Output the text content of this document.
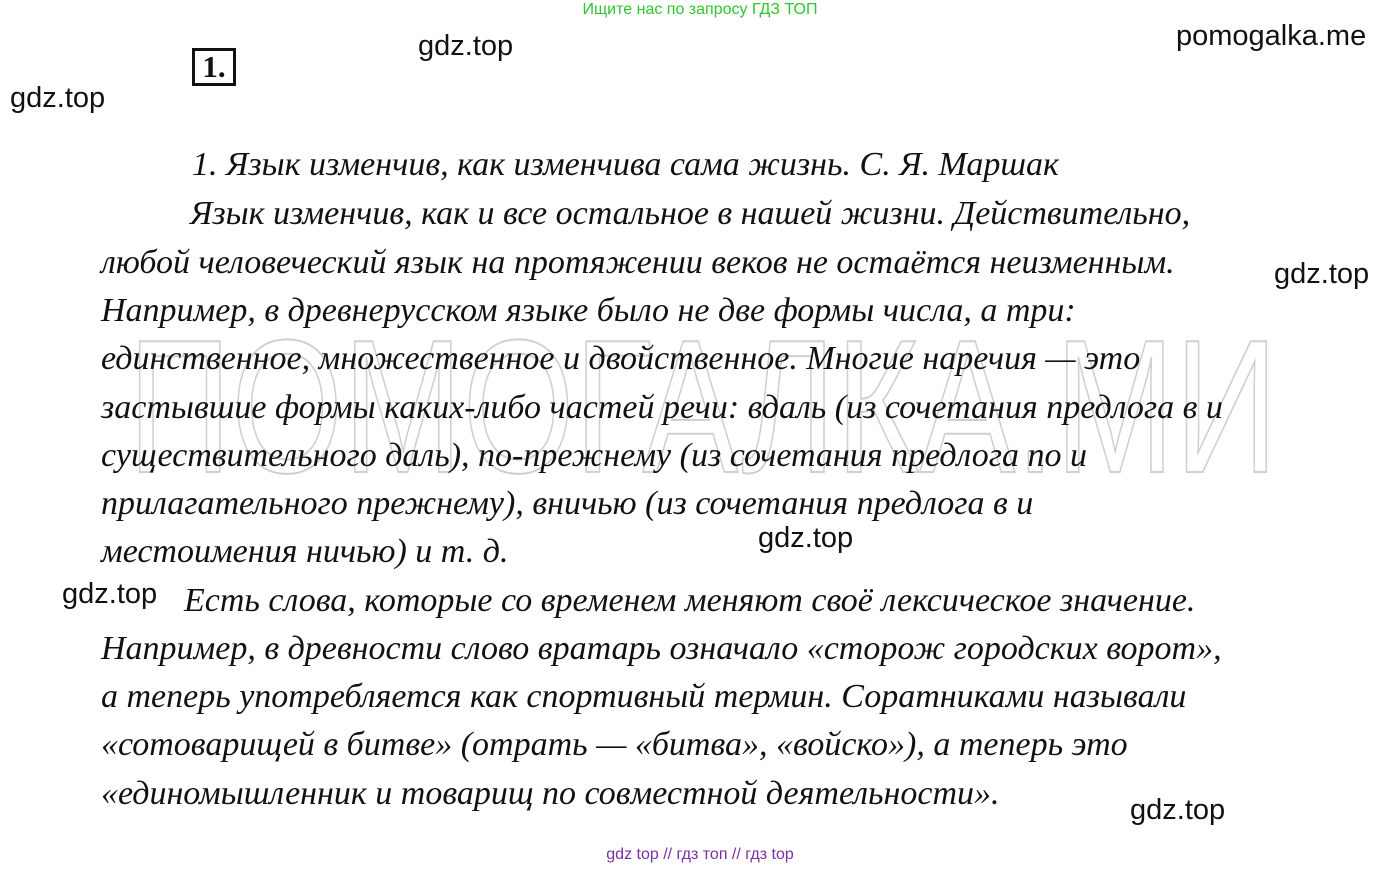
Ищите нас по запросу ГДЗ ТОП
pomogalka.me
gdz.top
gdz.top
gdz.top
gdz.top
gdz.top
gdz.top
1.
ПОМОГАЛКА.МИ
1. Язык изменчив, как изменчива сама жизнь. С. Я. Маршак
Язык изменчив, как и все остальное в нашей жизни. Действительно,
любой человеческий язык на протяжении веков не остаётся неизменным.
Например, в древнерусском языке было не две формы числа, а три:
единственное, множественное и двойственное. Многие наречия — это
застывшие формы каких-либо частей речи: вдаль (из сочетания предлога в и
существительного даль), по-прежнему (из сочетания предлога по и
прилагательного прежнему), вничью (из сочетания предлога в и
местоимения ничью) и т. д.
Есть слова, которые со временем меняют своё лексическое значение.
Например, в древности слово вратарь означало «сторож городских ворот»,
а теперь употребляется как спортивный термин. Соратниками называли
«сотоварищей в битве» (отрать — «битва», «войско»), а теперь это
«единомышленник и товарищ по совместной деятельности».
gdz top // гдз топ // гдз top
